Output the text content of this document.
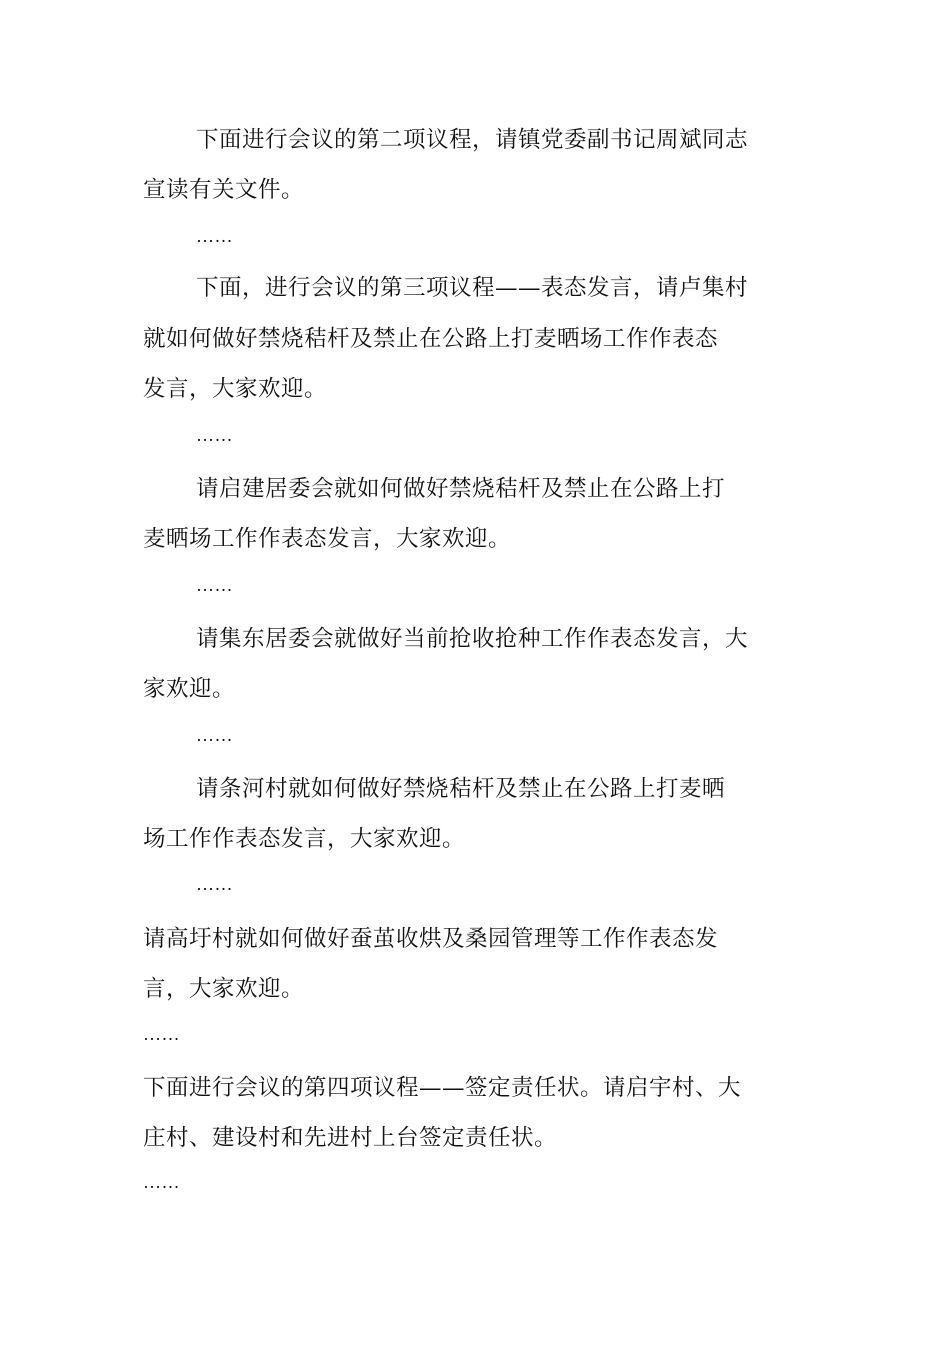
下面进行会议的第二项议程，请镇党委副书记周斌同志
宣读有关文件。
……
下面，进行会议的第三项议程——表态发言，请卢集村
就如何做好禁烧秸杆及禁止在公路上打麦晒场工作作表态
发言，大家欢迎。
……
请启建居委会就如何做好禁烧秸杆及禁止在公路上打
麦晒场工作作表态发言，大家欢迎。
……
请集东居委会就做好当前抢收抢种工作作表态发言，大
家欢迎。
……
请条河村就如何做好禁烧秸杆及禁止在公路上打麦晒
场工作作表态发言，大家欢迎。
……
请高圩村就如何做好蚕茧收烘及桑园管理等工作作表态发
言，大家欢迎。
……
下面进行会议的第四项议程——签定责任状。请启宇村、大
庄村、建设村和先进村上台签定责任状。
……
